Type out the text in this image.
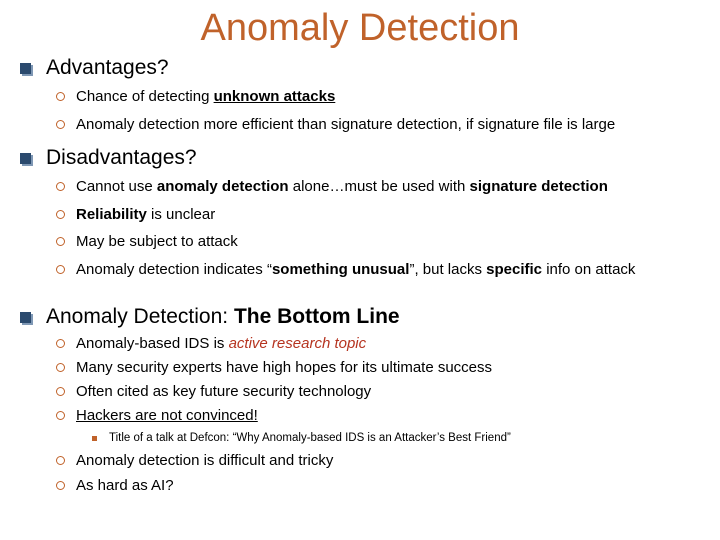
Anomaly Detection
Advantages?
Chance of detecting unknown attacks
Anomaly detection more efficient than signature detection, if signature file is large
Disadvantages?
Cannot use anomaly detection alone…must be used with signature detection
Reliability is unclear
May be subject to attack
Anomaly detection indicates “something unusual”, but lacks specific info on attack
Anomaly Detection: The Bottom Line
Anomaly-based IDS is active research topic
Many security experts have high hopes for its ultimate success
Often cited as key future security technology
Hackers are not convinced!
Title of a talk at Defcon: “Why Anomaly-based IDS is an Attacker’s Best Friend”
Anomaly detection is difficult and tricky
As hard as AI?
